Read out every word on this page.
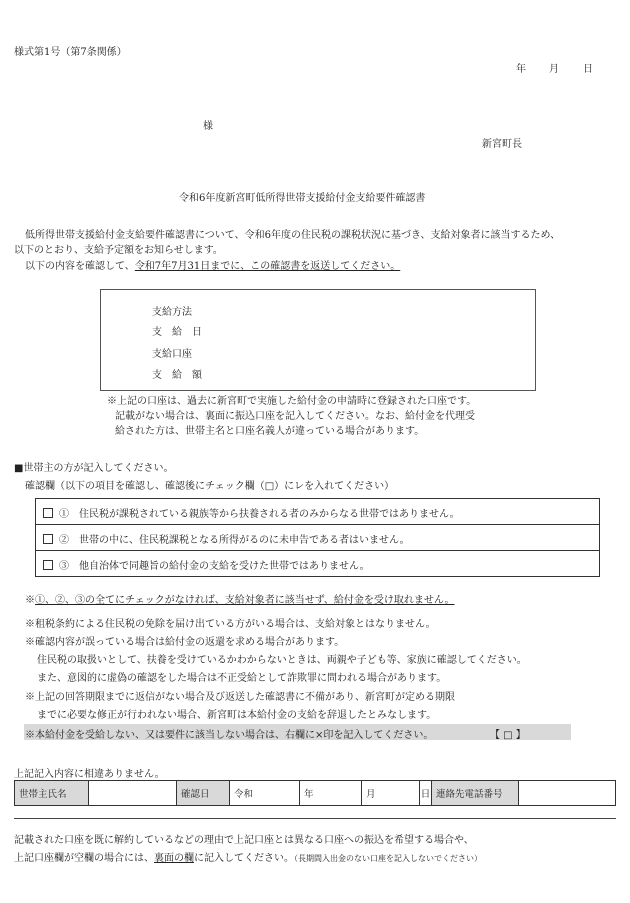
様式第1号（第7条関係）
年 月 日
様
新宮町長
令和6年度新宮町低所得世帯支援給付金支給要件確認書
低所得世帯支援給付金支給要件確認書について、令和6年度の住民税の課税状況に基づき、支給対象者に該当するため、
以下のとおり、支給予定額をお知らせします。
以下の内容を確認して、令和7年7月31日までに、この確認書を返送してください。
支給方法
支　給　日
支給口座
支　給　額
※上記の口座は、過去に新宮町で実施した給付金の申請時に登録された口座です。
記載がない場合は、裏面に振込口座を記入してください。なお、給付金を代理受
給された方は、世帯主名と口座名義人が違っている場合があります。
■世帯主の方が記入してください。
確認欄（以下の項目を確認し、確認後にチェック欄（□）にレを入れてください）
①　住民税が課税されている親族等から扶養される者のみからなる世帯ではありません。
②　世帯の中に、住民税課税となる所得がるのに未申告である者はいません。
③　他自治体で同趣旨の給付金の支給を受けた世帯ではありません。
※①、②、③の全てにチェックがなければ、支給対象者に該当せず、給付金を受け取れません。
※租税条約による住民税の免除を届け出ている方がいる場合は、支給対象とはなりません。
※確認内容が誤っている場合は給付金の返還を求める場合があります。
住民税の取扱いとして、扶養を受けているかわからないときは、両親や子ども等、家族に確認してください。
また、意図的に虚偽の確認をした場合は不正受給として詐欺罪に問われる場合があります。
※上記の回答期限までに返信がない場合及び返送した確認書に不備があり、新宮町が定める期限
までに必要な修正が行われない場合、新宮町は本給付金の支給を辞退したとみなします。
※本給付金を受給しない、又は要件に該当しない場合は、右欄に×印を記入してください。	【 □ 】
上記記入内容に相違ありません。
世帯主氏名	確認日	令和	年	月	日 連絡先電話番号
記載された口座を既に解約しているなどの理由で上記口座とは異なる口座への振込を希望する場合や、
上記口座欄が空欄の場合には、裏面の欄に記入してください。（長期間入出金のない口座を記入しないでください）
